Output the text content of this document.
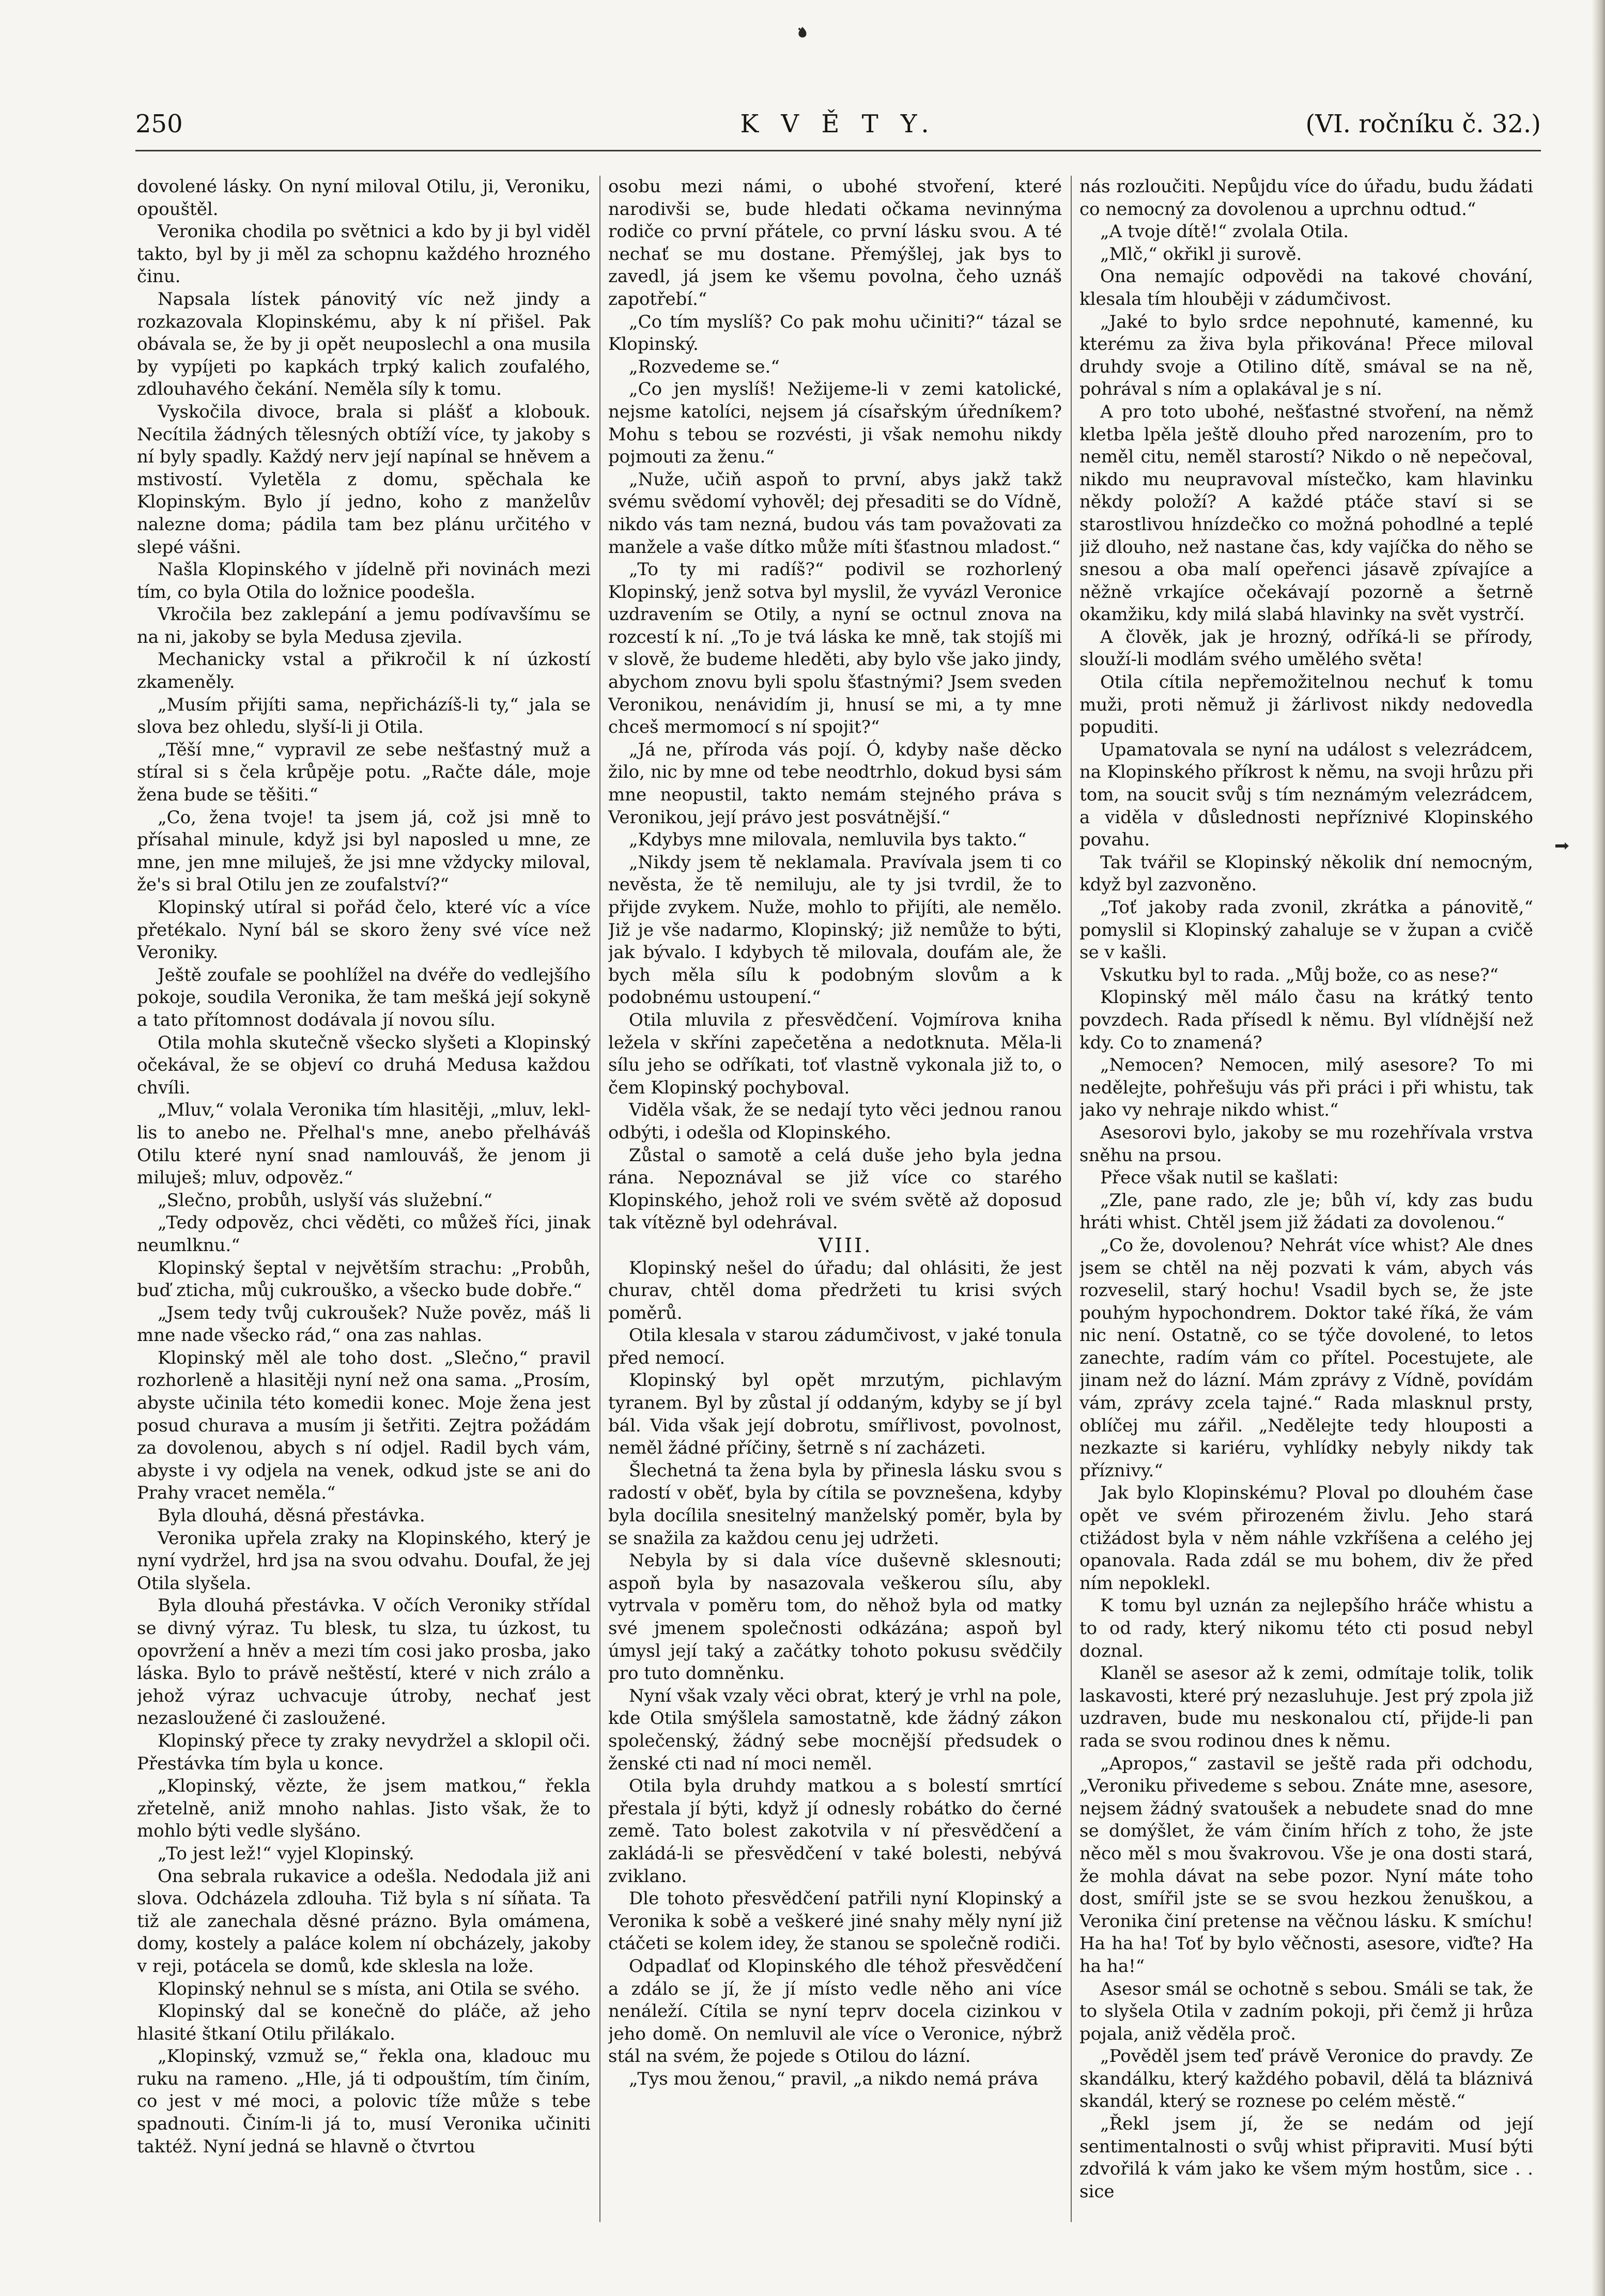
250	K V Ě T Y.	(VI. ročníku č. 32.)

dovolené lásky. On nyní miloval Otilu, ji, Veroniku, opouštěl.

Veronika chodila po světnici a kdo by ji byl viděl takto, byl by ji měl za schopnu každého hrozného činu.

Napsala lístek pánovitý víc než jindy a rozkazovala Klopinskému, aby k ní přišel. Pak obávala se, že by ji opět neuposlechl a ona musila by vypíjeti po kapkách trpký kalich zoufalého, zdlouhavého čekání. Neměla síly k tomu.

Vyskočila divoce, brala si plášť a klobouk. Necítila žádných tělesných obtíží více, ty jakoby s ní byly spadly. Každý nerv její napínal se hněvem a mstivostí. Vyletěla z domu, spěchala ke Klopinským. Bylo jí jedno, koho z manželův nalezne doma; pádila tam bez plánu určitého v slepé vášni.

Našla Klopinského v jídelně při novinách mezi tím, co byla Otila do ložnice poodešla.

Vkročila bez zaklepání a jemu podívavšímu se na ni, jakoby se byla Medusa zjevila.

Mechanicky vstal a přikročil k ní úzkostí zkameněly.

„Musím přijíti sama, nepřicházíš-li ty,“ jala se slova bez ohledu, slyší-li ji Otila.

„Těší mne,“ vypravil ze sebe nešťastný muž a stíral si s čela krůpěje potu. „Račte dále, moje žena bude se těšiti.“

„Co, žena tvoje! ta jsem já, což jsi mně to přísahal minule, když jsi byl naposled u mne, ze mne, jen mne miluješ, že jsi mne vždycky miloval, že's si bral Otilu jen ze zoufalství?“

Klopinský utíral si pořád čelo, které víc a více přetékalo. Nyní bál se skoro ženy své více než Veroniky.

Ještě zoufale se poohlížel na dvéře do vedlejšího pokoje, soudila Veronika, že tam mešká její sokyně a tato přítomnost dodávala jí novou sílu.

Otila mohla skutečně všecko slyšeti a Klopinský očekával, že se objeví co druhá Medusa každou chvíli.

„Mluv,“ volala Veronika tím hlasitěji, „mluv, lekl-lis to anebo ne. Přelhal's mne, anebo přelháváš Otilu které nyní snad namlouváš, že jenom ji miluješ; mluv, odpověz.“

„Slečno, probůh, uslyší vás služební.“

„Tedy odpověz, chci věděti, co můžeš říci, jinak neumlknu.“

Klopinský šeptal v největším strachu: „Probůh, buď zticha, můj cukrouško, a všecko bude dobře.“

„Jsem tedy tvůj cukroušek? Nuže pověz, máš li mne nade všecko rád,“ ona zas nahlas.

Klopinský měl ale toho dost. „Slečno,“ pravil rozhorleně a hlasitěji nyní než ona sama. „Prosím, abyste učinila této komedii konec. Moje žena jest posud churava a musím ji šetřiti. Zejtra požádám za dovolenou, abych s ní odjel. Radil bych vám, abyste i vy odjela na venek, odkud jste se ani do Prahy vracet neměla.“

Byla dlouhá, děsná přestávka.

Veronika upřela zraky na Klopinského, který je nyní vydržel, hrd jsa na svou odvahu. Doufal, že jej Otila slyšela.

Byla dlouhá přestávka. V očích Veroniky střídal se divný výraz. Tu blesk, tu slza, tu úzkost, tu opovržení a hněv a mezi tím cosi jako prosba, jako láska. Bylo to právě neštěstí, které v nich zrálo a jehož výraz uchvacuje útroby, nechať jest nezasloužené či zasloužené.

Klopinský přece ty zraky nevydržel a sklopil oči. Přestávka tím byla u konce.

„Klopinský, vězte, že jsem matkou,“ řekla zřetelně, aniž mnoho nahlas. Jisto však, že to mohlo býti vedle slyšáno.

„To jest lež!“ vyjel Klopinský.

Ona sebrala rukavice a odešla. Nedodala již ani slova. Odcházela zdlouha. Tiž byla s ní síňata. Ta tiž ale zanechala děsné prázno. Byla omámena, domy, kostely a paláce kolem ní obcházely, jakoby v reji, potácela se domů, kde sklesla na lože.

Klopinský nehnul se s místa, ani Otila se svého.

Klopinský dal se konečně do pláče, až jeho hlasité štkaní Otilu přilákalo.

„Klopinský, vzmuž se,“ řekla ona, kladouc mu ruku na rameno. „Hle, já ti odpouštím, tím činím, co jest v mé moci, a polovic tíže může s tebe spadnouti. Činím-li já to, musí Veronika učiniti taktéž. Nyní jedná se hlavně o čtvrtou

osobu mezi námi, o ubohé stvoření, které narodivši se, bude hledati očkama nevinnýma rodiče co první přátele, co první lásku svou. A té nechať se mu dostane. Přemýšlej, jak bys to zavedl, já jsem ke všemu povolna, čeho uznáš zapotřebí.“

„Co tím myslíš? Co pak mohu učiniti?“ tázal se Klopinský.

„Rozvedeme se.“

„Co jen myslíš! Nežijeme-li v zemi katolické, nejsme katolíci, nejsem já císařským úředníkem? Mohu s tebou se rozvésti, ji však nemohu nikdy pojmouti za ženu.“

„Nuže, učiň aspoň to první, abys jakž takž svému svědomí vyhověl; dej přesaditi se do Vídně, nikdo vás tam nezná, budou vás tam považovati za manžele a vaše dítko může míti šťastnou mladost.“

„To ty mi radíš?“ podivil se rozhorlený Klopinský, jenž sotva byl myslil, že vyvázl Veronice uzdravením se Otily, a nyní se octnul znova na rozcestí k ní. „To je tvá láska ke mně, tak stojíš mi v slově, že budeme hleděti, aby bylo vše jako jindy, abychom znovu byli spolu šťastnými? Jsem sveden Veronikou, nenávidím ji, hnusí se mi, a ty mne chceš mermomocí s ní spojit?“

„Já ne, příroda vás pojí. Ó, kdyby naše děcko žilo, nic by mne od tebe neodtrhlo, dokud bysi sám mne neopustil, takto nemám stejného práva s Veronikou, její právo jest posvátnější.“

„Kdybys mne milovala, nemluvila bys takto.“

„Nikdy jsem tě neklamala. Pravívala jsem ti co nevěsta, že tě nemiluju, ale ty jsi tvrdil, že to přijde zvykem. Nuže, mohlo to přijíti, ale nemělo. Již je vše nadarmo, Klopinský; již nemůže to býti, jak bývalo. I kdybych tě milovala, doufám ale, že bych měla sílu k podobným slovům a k podobnému ustoupení.“

Otila mluvila z přesvědčení. Vojmírova kniha ležela v skříni zapečetěna a nedotknuta. Měla-li sílu jeho se odříkati, toť vlastně vykonala již to, o čem Klopinský pochyboval.

Viděla však, že se nedají tyto věci jednou ranou odbýti, i odešla od Klopinského.

Zůstal o samotě a celá duše jeho byla jedna rána. Nepoznával se již více co starého Klopinského, jehož roli ve svém světě až doposud tak vítězně byl odehrával.

VIII.

Klopinský nešel do úřadu; dal ohlásiti, že jest churav, chtěl doma předržeti tu krisi svých poměrů.

Otila klesala v starou zádumčivost, v jaké tonula před nemocí.

Klopinský byl opět mrzutým, pichlavým tyranem. Byl by zůstal jí oddaným, kdyby se jí byl bál. Vida však její dobrotu, smířlivost, povolnost, neměl žádné příčiny, šetrně s ní zacházeti.

Šlechetná ta žena byla by přinesla lásku svou s radostí v oběť, byla by cítila se povznešena, kdyby byla docílila snesitelný manželský poměr, byla by se snažila za každou cenu jej udržeti.

Nebyla by si dala více duševně sklesnouti; aspoň byla by nasazovala veškerou sílu, aby vytrvala v poměru tom, do něhož byla od matky své jmenem společnosti odkázána; aspoň byl úmysl její taký a začátky tohoto pokusu svědčily pro tuto domněnku.

Nyní však vzaly věci obrat, který je vrhl na pole, kde Otila smýšlela samostatně, kde žádný zákon společenský, žádný sebe mocnější předsudek o ženské cti nad ní moci neměl.

Otila byla druhdy matkou a s bolestí smrtící přestala jí býti, když jí odnesly robátko do černé země. Tato bolest zakotvila v ní přesvědčení a zakládá-li se přesvědčení v také bolesti, nebývá zviklano.

Dle tohoto přesvědčení patřili nyní Klopinský a Veronika k sobě a veškeré jiné snahy měly nyní již ctáčeti se kolem idey, že stanou se společně rodiči.

Odpadlať od Klopinského dle téhož přesvědčení a zdálo se jí, že jí místo vedle něho ani více nenáleží. Cítila se nyní teprv docela cizinkou v jeho domě. On nemluvil ale více o Veronice, nýbrž stál na svém, že pojede s Otilou do lázní.

„Tys mou ženou,“ pravil, „a nikdo nemá práva

nás rozloučiti. Nepůjdu více do úřadu, budu žádati co nemocný za dovolenou a uprchnu odtud.“

„A tvoje dítě!“ zvolala Otila.

„Mlč,“ okřikl ji surově.

Ona nemajíc odpovědi na takové chování, klesala tím hlouběji v zádumčivost.

„Jaké to bylo srdce nepohnuté, kamenné, ku kterému za živa byla přikována! Přece miloval druhdy svoje a Otilino dítě, smával se na ně, pohrával s ním a oplakával je s ní.

A pro toto ubohé, nešťastné stvoření, na němž kletba lpěla ještě dlouho před narozením, pro to neměl citu, neměl starostí? Nikdo o ně nepečoval, nikdo mu neupravoval místečko, kam hlavinku někdy položí? A každé ptáče staví si se starostlivou hnízdečko co možná pohodlné a teplé již dlouho, než nastane čas, kdy vajíčka do něho se snesou a oba malí opeřenci jásavě zpívajíce a něžně vrkajíce očekávají pozorně a šetrně okamžiku, kdy milá slabá hlavinky na svět vystrčí.

A člověk, jak je hrozný, odříká-li se přírody, slouží-li modlám svého umělého světa!

Otila cítila nepřemožitelnou nechuť k tomu muži, proti němuž ji žárlivost nikdy nedovedla popuditi.

Upamatovala se nyní na událost s velezrádcem, na Klopinského příkrost k němu, na svoji hrůzu při tom, na soucit svůj s tím neznámým velezrádcem, a viděla v důslednosti nepříznivé Klopinského povahu.

Tak tvářil se Klopinský několik dní nemocným, když byl zazvoněno.

„Toť jakoby rada zvonil, zkrátka a pánovitě,“ pomyslil si Klopinský zahaluje se v župan a cvičě se v kašli.

Vskutku byl to rada. „Můj bože, co as nese?“

Klopinský měl málo času na krátký tento povzdech. Rada přísedl k němu. Byl vlídnější než kdy. Co to znamená?

„Nemocen? Nemocen, milý asesore? To mi nedělejte, pohřešuju vás při práci i při whistu, tak jako vy nehraje nikdo whist.“

Asesorovi bylo, jakoby se mu rozehřívala vrstva sněhu na prsou.

Přece však nutil se kašlati:

„Zle, pane rado, zle je; bůh ví, kdy zas budu hráti whist. Chtěl jsem již žádati za dovolenou.“

„Co že, dovolenou? Nehrát více whist? Ale dnes jsem se chtěl na něj pozvati k vám, abych vás rozveselil, starý hochu! Vsadil bych se, že jste pouhým hypochondrem. Doktor také říká, že vám nic není. Ostatně, co se týče dovolené, to letos zanechte, radím vám co přítel. Pocestujete, ale jinam než do lázní. Mám zprávy z Vídně, povídám vám, zprávy zcela tajné.“ Rada mlasknul prsty, oblíčej mu zářil. „Nedělejte tedy hlouposti a nezkazte si kariéru, vyhlídky nebyly nikdy tak příznivy.“

Jak bylo Klopinskému? Ploval po dlouhém čase opět ve svém přirozeném živlu. Jeho stará ctižádost byla v něm náhle vzkříšena a celého jej opanovala. Rada zdál se mu bohem, div že před ním nepoklekl.

K tomu byl uznán za nejlepšího hráče whistu a to od rady, který nikomu této cti posud nebyl doznal.

Klaněl se asesor až k zemi, odmítaje tolik, tolik laskavosti, které prý nezasluhuje. Jest prý zpola již uzdraven, bude mu neskonalou ctí, přijde-li pan rada se svou rodinou dnes k němu.

„Apropos,“ zastavil se ještě rada při odchodu, „Veroniku přivedeme s sebou. Znáte mne, asesore, nejsem žádný svatoušek a nebudete snad do mne se domýšlet, že vám činím hřích z toho, že jste něco měl s mou švakrovou. Vše je ona dosti stará, že mohla dávat na sebe pozor. Nyní máte toho dost, smířil jste se se svou hezkou ženuškou, a Veronika činí pretense na věčnou lásku. K smíchu! Ha ha ha! Toť by bylo věčnosti, asesore, viďte? Ha ha ha!“

Asesor smál se ochotně s sebou. Smáli se tak, že to slyšela Otila v zadním pokoji, při čemž ji hrůza pojala, aniž věděla proč.

„Pověděl jsem teď právě Veronice do pravdy. Ze skandálku, který každého pobavil, dělá ta bláznivá skandál, který se roznese po celém městě.“

„Řekl jsem jí, že se nedám od její sentimentalnosti o svůj whist připraviti. Musí býti zdvořilá k vám jako ke všem mým hostům, sice . . sice
